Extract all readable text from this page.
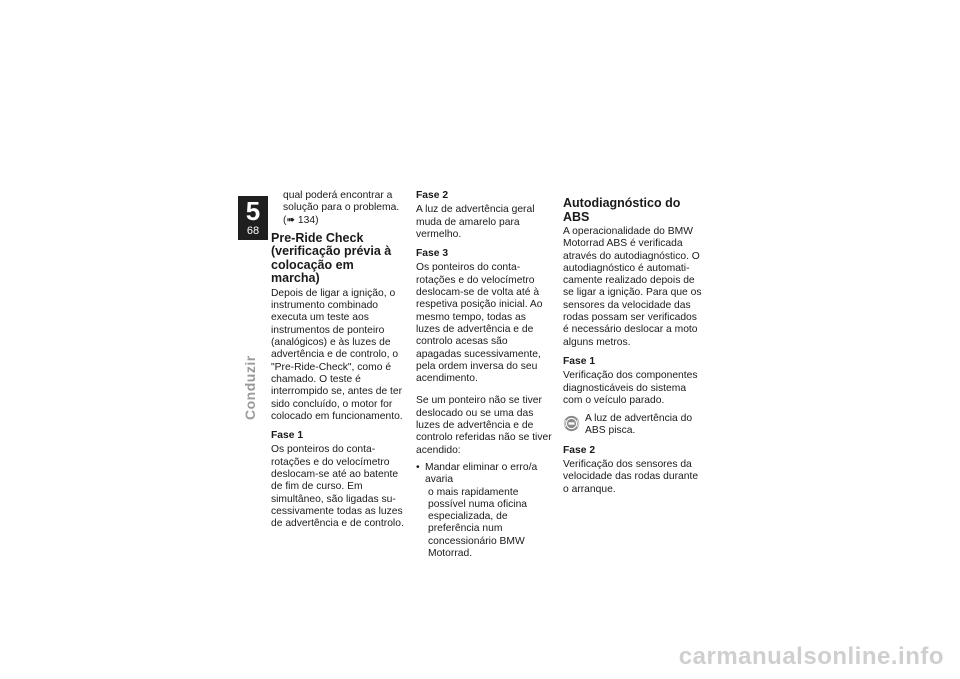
5
68
Conduzir

qual poderá encontrar a solução para o problema. (➠ 134)

Pre-Ride Check (verificação prévia à colocação em marcha)

Depois de ligar a ignição, o instrumento combinado executa um teste aos instrumentos de ponteiro (analógicos) e às luzes de advertência e de controlo, o "Pre-Ride-Check", como é chamado. O teste é interrompido se, antes de ter sido concluído, o motor for colocado em funcionamento.

Fase 1

Os ponteiros do conta-rotações e do velocímetro deslocam-se até ao batente de fim de curso. Em simultâneo, são ligadas sucessivamente todas as luzes de advertência e de controlo.

Fase 2

A luz de advertência geral muda de amarelo para vermelho.

Fase 3

Os ponteiros do conta-rotações e do velocímetro deslocam-se de volta até à respetiva posição inicial. Ao mesmo tempo, todas as luzes de advertência e de controlo acesas são apagadas sucessivamente, pela ordem inversa do seu acendimento.

Se um ponteiro não se tiver deslocado ou se uma das luzes de advertência e de controlo referidas não se tiver acendido:

• Mandar eliminar o erro/a avaria

o mais rapidamente possível numa oficina especializada, de preferência num concessionário BMW Motorrad.

Autodiagnóstico do ABS

A operacionalidade do BMW Motorrad ABS é verificada através do autodiagnóstico. O autodiagnóstico é automaticamente realizado depois de se ligar a ignição. Para que os sensores da velocidade das rodas possam ser verificados é necessário deslocar a moto alguns metros.

Fase 1

Verificação dos componentes diagnosticáveis do sistema com o veículo parado.

A luz de advertência do ABS pisca.
Fase 2

Verificação dos sensores da velocidade das rodas durante o arranque.

carmanualsonline.info
